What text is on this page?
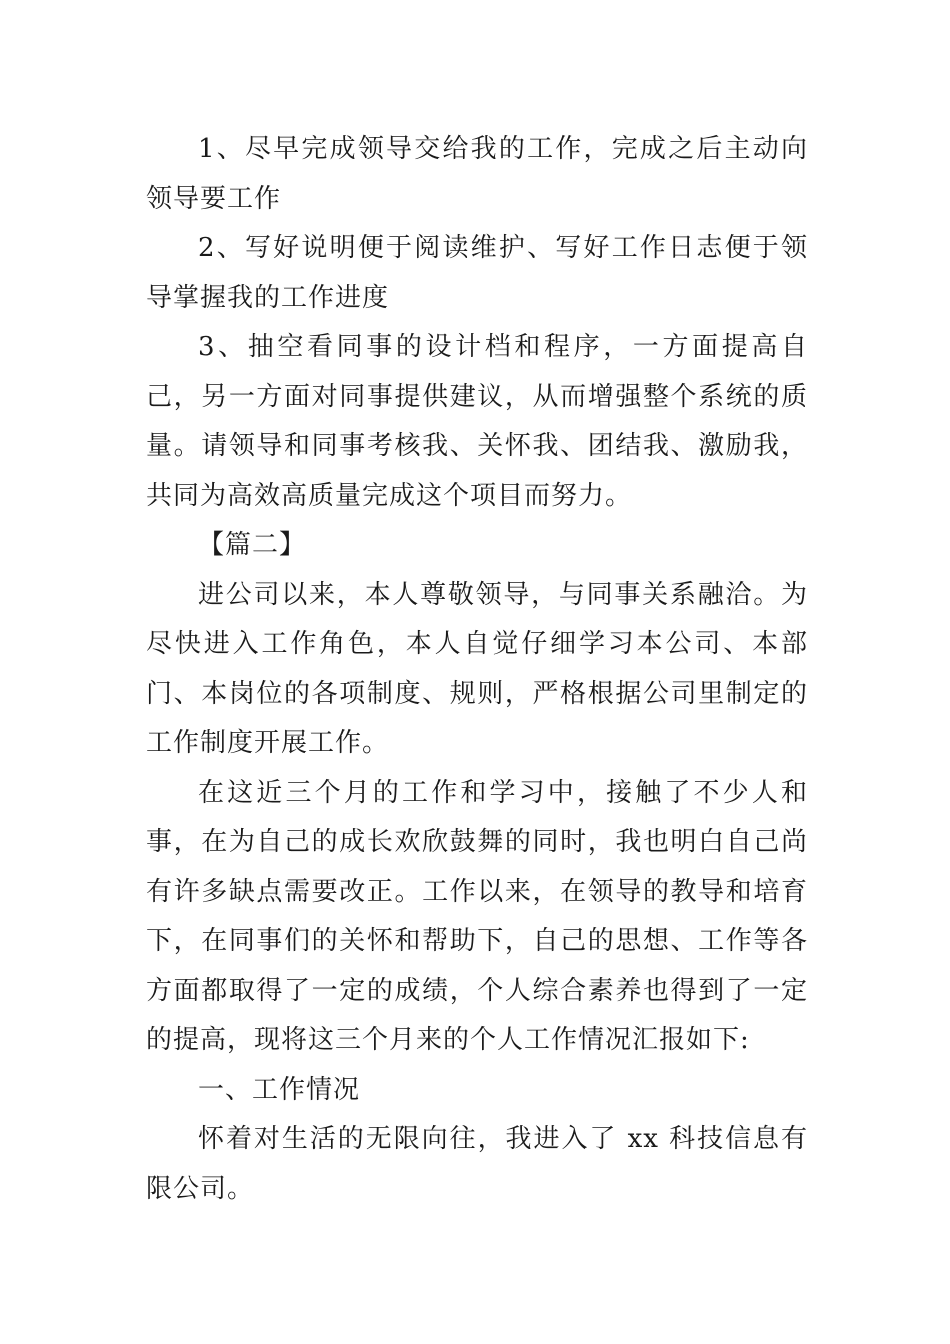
1、尽早完成领导交给我的工作，完成之后主动向领导要工作

2、写好说明便于阅读维护、写好工作日志便于领导掌握我的工作进度

3、抽空看同事的设计档和程序，一方面提高自己，另一方面对同事提供建议，从而增强整个系统的质量。请领导和同事考核我、关怀我、团结我、激励我，共同为高效高质量完成这个项目而努力。

【篇二】

进公司以来，本人尊敬领导，与同事关系融洽。为尽快进入工作角色，本人自觉仔细学习本公司、本部门、本岗位的各项制度、规则，严格根据公司里制定的工作制度开展工作。

在这近三个月的工作和学习中，接触了不少人和事，在为自己的成长欢欣鼓舞的同时，我也明白自己尚有许多缺点需要改正。工作以来，在领导的教导和培育下，在同事们的关怀和帮助下，自己的思想、工作等各方面都取得了一定的成绩，个人综合素养也得到了一定的提高，现将这三个月来的个人工作情况汇报如下:

一、工作情况

怀着对生活的无限向往，我进入了 xx 科技信息有限公司。
